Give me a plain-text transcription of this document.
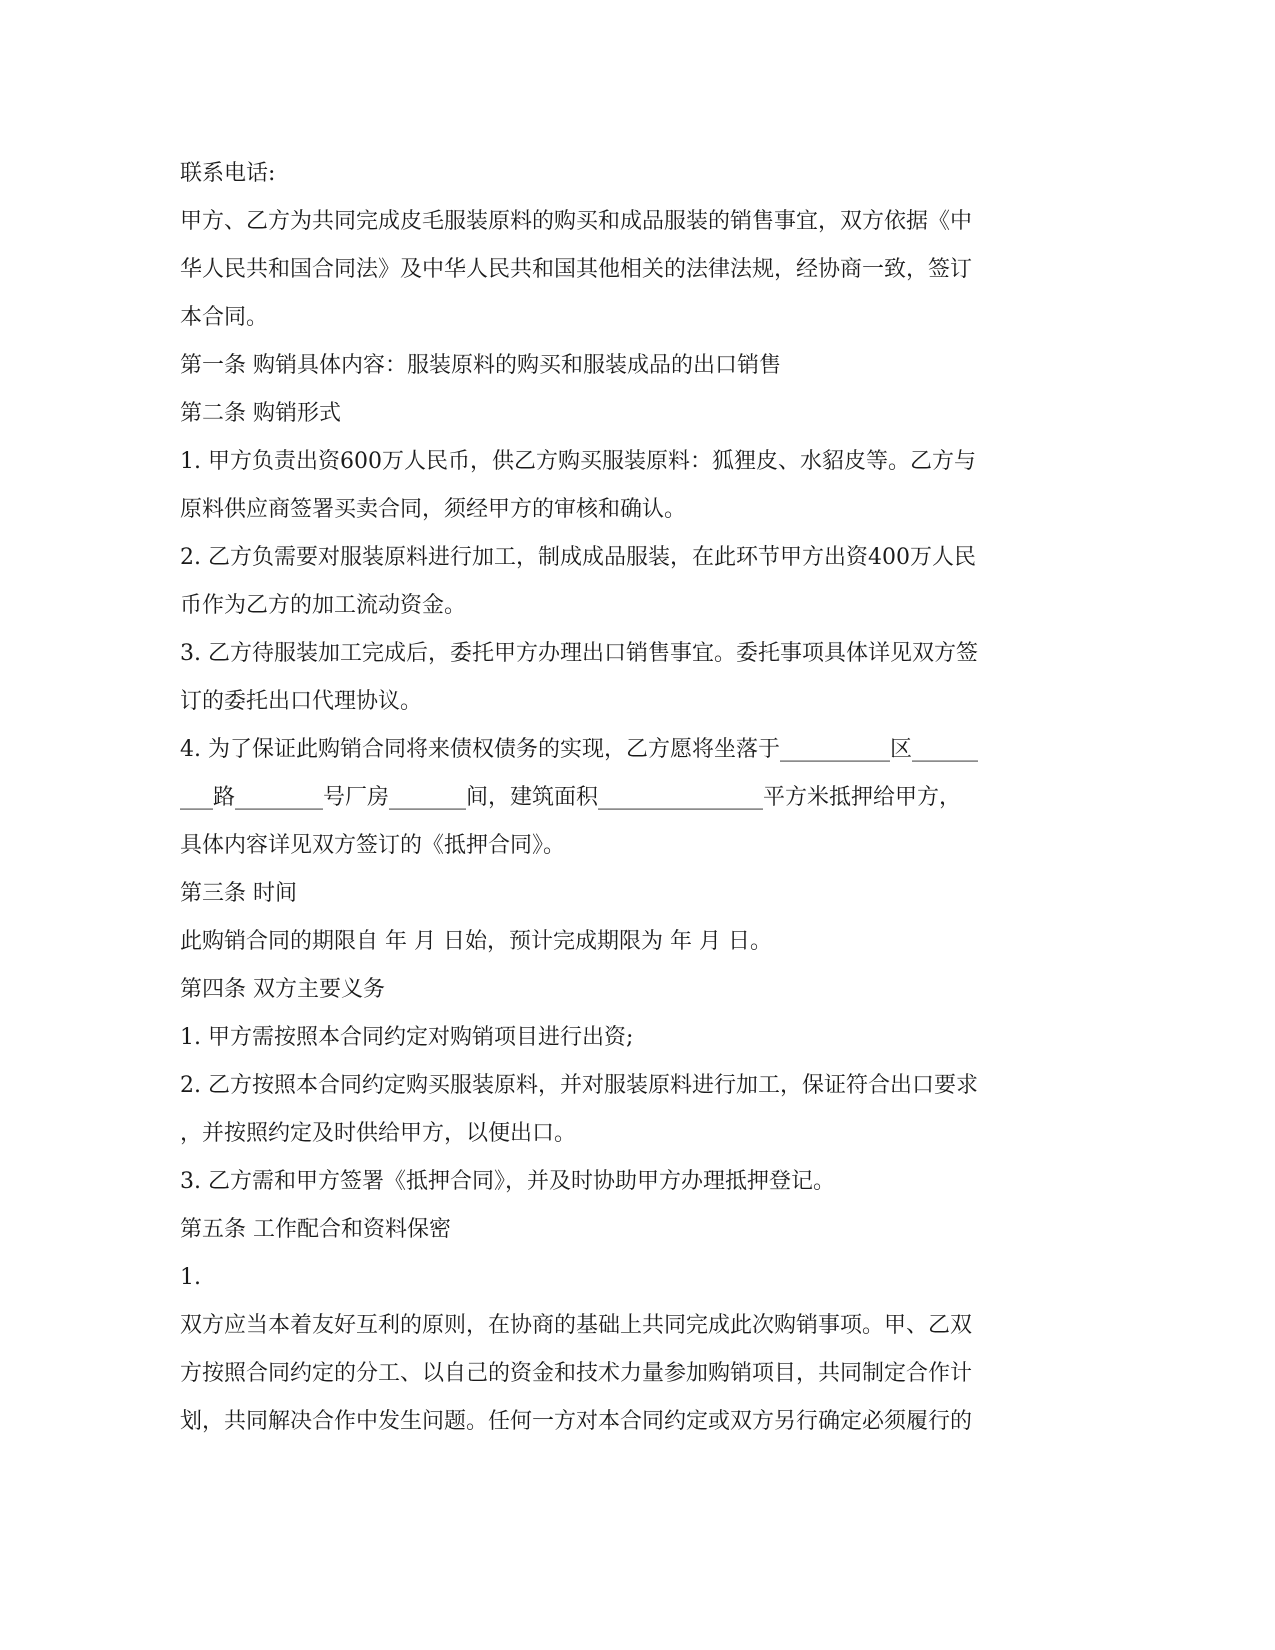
联系电话:
甲方、乙方为共同完成皮毛服装原料的购买和成品服装的销售事宜，双方依据《中
华人民共和国合同法》及中华人民共和国其他相关的法律法规，经协商一致，签订
本合同。
第一条 购销具体内容：服装原料的购买和服装成品的出口销售
第二条 购销形式
1. 甲方负责出资600万人民币，供乙方购买服装原料：狐狸皮、水貂皮等。乙方与
原料供应商签署买卖合同，须经甲方的审核和确认。
2. 乙方负需要对服装原料进行加工，制成成品服装，在此环节甲方出资400万人民
币作为乙方的加工流动资金。
3. 乙方待服装加工完成后，委托甲方办理出口销售事宜。委托事项具体详见双方签
订的委托出口代理协议。
4. 为了保证此购销合同将来债权债务的实现，乙方愿将坐落于__________区______
___路________号厂房_______间，建筑面积_______________平方米抵押给甲方，
具体内容详见双方签订的《抵押合同》。
第三条 时间
此购销合同的期限自 年 月 日始，预计完成期限为 年 月 日。
第四条 双方主要义务
1. 甲方需按照本合同约定对购销项目进行出资;
2. 乙方按照本合同约定购买服装原料，并对服装原料进行加工，保证符合出口要求
，并按照约定及时供给甲方，以便出口。
3. 乙方需和甲方签署《抵押合同》，并及时协助甲方办理抵押登记。
第五条 工作配合和资料保密
1.
双方应当本着友好互利的原则，在协商的基础上共同完成此次购销事项。甲、乙双
方按照合同约定的分工、以自己的资金和技术力量参加购销项目，共同制定合作计
划，共同解决合作中发生问题。任何一方对本合同约定或双方另行确定必须履行的
